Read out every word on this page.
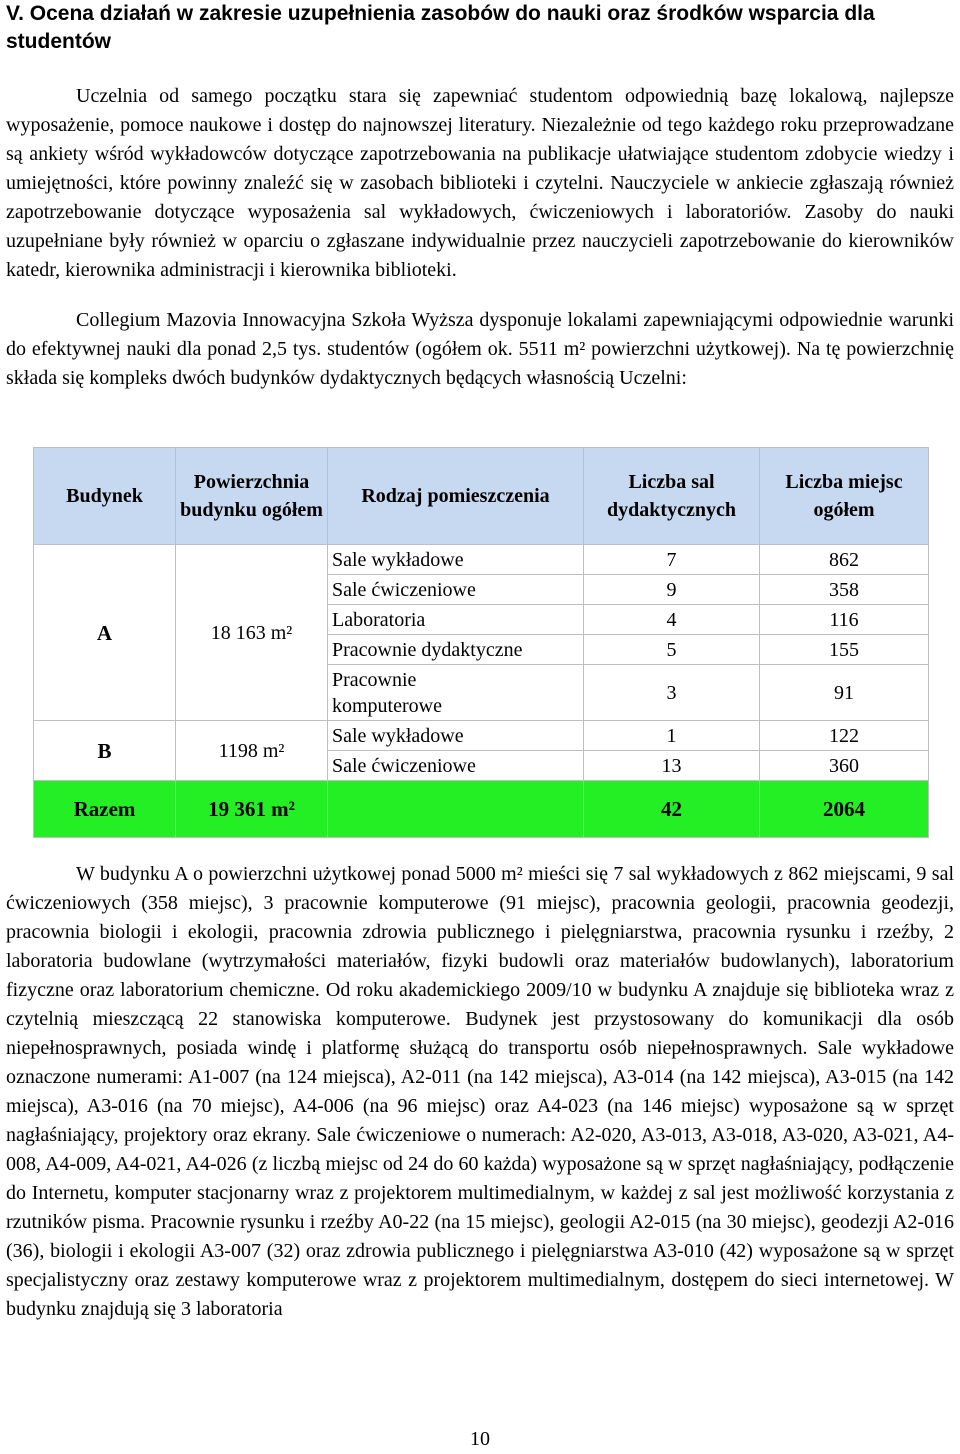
V. Ocena działań w zakresie uzupełnienia zasobów do nauki oraz środków wsparcia dla studentów

Uczelnia od samego początku stara się zapewniać studentom odpowiednią bazę lokalową, najlepsze wyposażenie, pomoce naukowe i dostęp do najnowszej literatury. Niezależnie od tego każdego roku przeprowadzane są ankiety wśród wykładowców dotyczące zapotrzebowania na publikacje ułatwiające studentom zdobycie wiedzy i umiejętności, które powinny znaleźć się w zasobach biblioteki i czytelni. Nauczyciele w ankiecie zgłaszają również zapotrzebowanie dotyczące wyposażenia sal wykładowych, ćwiczeniowych i laboratoriów. Zasoby do nauki uzupełniane były również w oparciu o zgłaszane indywidualnie przez nauczycieli zapotrzebowanie do kierowników katedr, kierownika administracji i kierownika biblioteki.

Collegium Mazovia Innowacyjna Szkoła Wyższa dysponuje lokalami zapewniającymi odpowiednie warunki do efektywnej nauki dla ponad 2,5 tys. studentów (ogółem ok. 5511 m² powierzchni użytkowej). Na tę powierzchnię składa się kompleks dwóch budynków dydaktycznych będących własnością Uczelni:

Budynek	Powierzchnia budynku ogółem	Rodzaj pomieszczenia	Liczba sal dydaktycznych	Liczba miejsc ogółem
A	18 163 m²	Sale wykładowe	7	862
		Sale ćwiczeniowe	9	358
		Laboratoria	4	116
		Pracownie dydaktyczne	5	155
		Pracownie komputerowe	3	91

B	1198 m²	Sale wykładowe	1	122
		Sale ćwiczeniowe	13	360
Razem	19 361 m²		42	2064

W budynku A o powierzchni użytkowej ponad 5000 m² mieści się 7 sal wykładowych z 862 miejscami, 9 sal ćwiczeniowych (358 miejsc), 3 pracownie komputerowe (91 miejsc), pracownia geologii, pracownia geodezji, pracownia biologii i ekologii, pracownia zdrowia publicznego i pielęgniarstwa, pracownia rysunku i rzeźby, 2 laboratoria budowlane (wytrzymałości materiałów, fizyki budowli oraz materiałów budowlanych), laboratorium fizyczne oraz laboratorium chemiczne. Od roku akademickiego 2009/10 w budynku A znajduje się biblioteka wraz z czytelnią mieszczącą 22 stanowiska komputerowe. Budynek jest przystosowany do komunikacji dla osób niepełnosprawnych, posiada windę i platformę służącą do transportu osób niepełnosprawnych. Sale wykładowe oznaczone numerami: A1-007 (na 124 miejsca), A2-011 (na 142 miejsca), A3-014 (na 142 miejsca), A3-015 (na 142 miejsca), A3-016 (na 70 miejsc), A4-006 (na 96 miejsc) oraz A4-023 (na 146 miejsc) wyposażone są w sprzęt nagłaśniający, projektory oraz ekrany. Sale ćwiczeniowe o numerach: A2-020, A3-013, A3-018, A3-020, A3-021, A4-008, A4-009, A4-021, A4-026 (z liczbą miejsc od 24 do 60 każda) wyposażone są w sprzęt nagłaśniający, podłączenie do Internetu, komputer stacjonarny wraz z projektorem multimedialnym, w każdej z sal jest możliwość korzystania z rzutników pisma. Pracownie rysunku i rzeźby A0-22 (na 15 miejsc), geologii A2-015 (na 30 miejsc), geodezji A2-016 (36), biologii i ekologii A3-007 (32) oraz zdrowia publicznego i pielęgniarstwa A3-010 (42) wyposażone są w sprzęt specjalistyczny oraz zestawy komputerowe wraz z projektorem multimedialnym, dostępem do sieci internetowej. W budynku znajdują się 3 laboratoria

10
